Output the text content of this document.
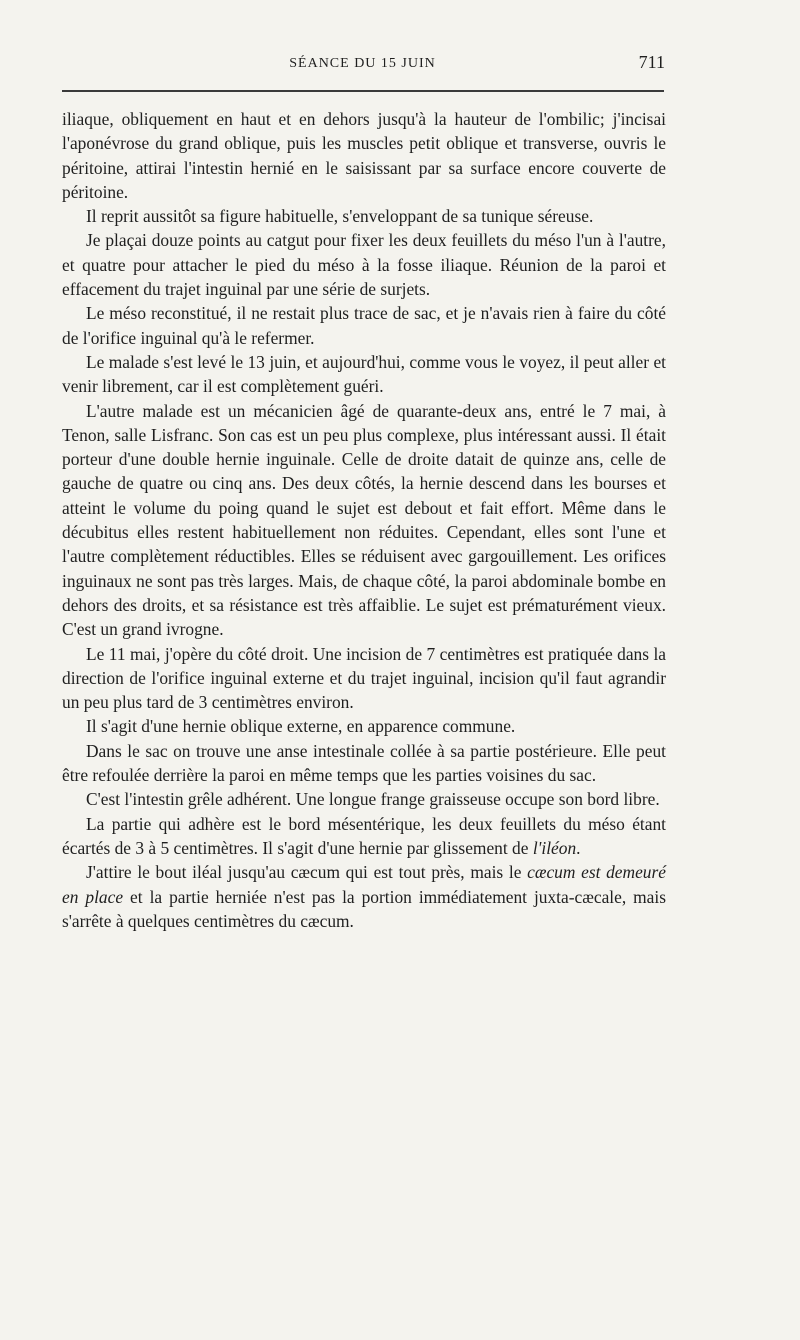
SÉANCE DU 15 JUIN	711

iliaque, obliquement en haut et en dehors jusqu'à la hauteur de l'ombilic; j'incisai l'aponévrose du grand oblique, puis les muscles petit oblique et transverse, ouvris le péritoine, attirai l'intestin hernié en le saisissant par sa surface encore couverte de péritoine.

Il reprit aussitôt sa figure habituelle, s'enveloppant de sa tunique séreuse.

Je plaçai douze points au catgut pour fixer les deux feuillets du méso l'un à l'autre, et quatre pour attacher le pied du méso à la fosse iliaque. Réunion de la paroi et effacement du trajet inguinal par une série de surjets.

Le méso reconstitué, il ne restait plus trace de sac, et je n'avais rien à faire du côté de l'orifice inguinal qu'à le refermer.

Le malade s'est levé le 13 juin, et aujourd'hui, comme vous le voyez, il peut aller et venir librement, car il est complètement guéri.

L'autre malade est un mécanicien âgé de quarante-deux ans, entré le 7 mai, à Tenon, salle Lisfranc. Son cas est un peu plus complexe, plus intéressant aussi. Il était porteur d'une double hernie inguinale. Celle de droite datait de quinze ans, celle de gauche de quatre ou cinq ans. Des deux côtés, la hernie descend dans les bourses et atteint le volume du poing quand le sujet est debout et fait effort. Même dans le décubitus elles restent habituellement non réduites. Cependant, elles sont l'une et l'autre complètement réductibles. Elles se réduisent avec gargouillement. Les orifices inguinaux ne sont pas très larges. Mais, de chaque côté, la paroi abdominale bombe en dehors des droits, et sa résistance est très affaiblie. Le sujet est prématurément vieux. C'est un grand ivrogne.

Le 11 mai, j'opère du côté droit. Une incision de 7 centimètres est pratiquée dans la direction de l'orifice inguinal externe et du trajet inguinal, incision qu'il faut agrandir un peu plus tard de 3 centimètres environ.

Il s'agit d'une hernie oblique externe, en apparence commune.

Dans le sac on trouve une anse intestinale collée à sa partie postérieure. Elle peut être refoulée derrière la paroi en même temps que les parties voisines du sac.

C'est l'intestin grêle adhérent. Une longue frange graisseuse occupe son bord libre.

La partie qui adhère est le bord mésentérique, les deux feuillets du méso étant écartés de 3 à 5 centimètres. Il s'agit d'une hernie par glissement de l'iléon.

J'attire le bout iléal jusqu'au cæcum qui est tout près, mais le cæcum est demeuré en place et la partie herniée n'est pas la portion immédiatement juxta-cæcale, mais s'arrête à quelques centimètres du cæcum.
